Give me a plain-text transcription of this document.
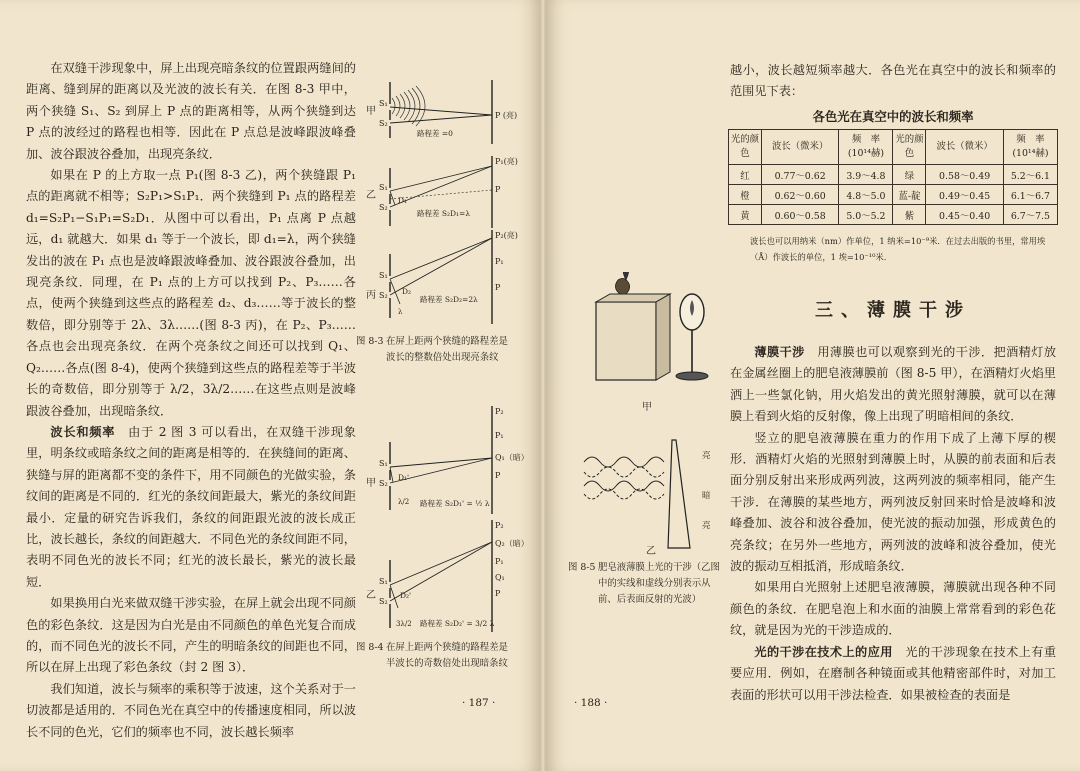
在双缝干涉现象中，屏上出现亮暗条纹的位置跟两缝间的距离、缝到屏的距离以及光波的波长有关．在图 8-3 甲中，两个狭缝 S₁、S₂ 到屏上 P 点的距离相等，从两个狭缝到达 P 点的波经过的路程也相等．因此在 P 点总是波峰跟波峰叠加、波谷跟波谷叠加，出现亮条纹．

如果在 P 的上方取一点 P₁(图 8-3 乙)，两个狭缝跟 P₁ 点的距离就不相等；S₂P₁>S₁P₁．两个狭缝到 P₁ 点的路程差 d₁=S₂P₁−S₁P₁=S₂D₁．从图中可以看出，P₁ 点离 P 点越远，d₁ 就越大．如果 d₁ 等于一个波长，即 d₁=λ，两个狭缝发出的波在 P₁ 点也是波峰跟波峰叠加、波谷跟波谷叠加，出现亮条纹．同理，在 P₁ 点的上方可以找到 P₂、P₃……各点，使两个狭缝到这些点的路程差 d₂、d₃……等于波长的整数倍，即分别等于 2λ、3λ……(图 8-3 丙)，在 P₂、P₃……各点也会出现亮条纹．在两个亮条纹之间还可以找到 Q₁、Q₂……各点(图 8-4)，使两个狭缝到这些点的路程差等于半波长的奇数倍，即分别等于 λ/2，3λ/2……在这些点则是波峰跟波谷叠加，出现暗条纹．

波长和频率　由于 2 图 3 可以看出，在双缝干涉现象里，明条纹或暗条纹之间的距离是相等的．在狭缝间的距离、狭缝与屏的距离都不变的条件下，用不同颜色的光做实验，条纹间的距离是不同的．红光的条纹间距最大，紫光的条纹间距最小．定量的研究告诉我们，条纹的间距跟光波的波长成正比，波长越长，条纹的间距越大．不同色光的条纹间距不同，表明不同色光的波长不同；红光的波长最长，紫光的波长最短．

如果换用白光来做双缝干涉实验，在屏上就会出现不同颜色的彩色条纹．这是因为白光是由不同颜色的单色光复合而成的，而不同色光的波长不同，产生的明暗条纹的间距也不同，所以在屏上出现了彩色条纹（封 2 图 3）．

我们知道，波长与频率的乘积等于波速，这个关系对于一切波都是适用的．不同色光在真空中的传播速度相同，所以波长不同的色光，它们的频率也不同，波长越长频率

甲
S₁
S₂
P (亮)
路程差 =0
乙
S₁
S₂
D₁
P₁(亮)
P
路程差 S₂D₁=λ
丙
S₁
S₂ D₂
λ
P₂(亮)
P₁
P
路程差 S₂D₂=2λ
图 8-3 在屏上距两个狭缝的路程差是波长的整数倍处出现亮条纹
甲
S₁
S₂
D₁'
λ/2
P₂
P₁
Q₁（暗）
P
路程差 S₂D₁' = ½ λ
乙
S₁
S₂
D₂'
3λ/2
P₂
Q₂（暗）
P₁
Q₁
P
路程差 S₂D₂' = 3/2 λ
图 8-4 在屏上距两个狭缝的路程差是半波长的奇数倍处出现暗条纹
· 187 ·

越小，波长越短频率越大．各色光在真空中的波长和频率的范围见下表：

各色光在真空中的波长和频率
光的颜色	波长（微米）	频　率 (10¹⁴赫)	光的颜色	波长（微米）	频　率 (10¹⁴赫)
红	0.77～0.62	3.9～4.8	绿	0.58～0.49	5.2～6.1
橙	0.62～0.60	4.8～5.0	蓝-靛	0.49～0.45	6.1～6.7
黄	0.60～0.58	5.0～5.2	紫	0.45～0.40	6.7～7.5
波长也可以用纳米（nm）作单位，1 纳米=10⁻⁹米．在过去出版的书里，常用埃（Å）作波长的单位，1 埃=10⁻¹⁰米．
三、薄膜干涉

薄膜干涉　用薄膜也可以观察到光的干涉．把酒精灯放在金属丝圈上的肥皂液薄膜前（图 8-5 甲），在酒精灯火焰里洒上一些氯化钠，用火焰发出的黄光照射薄膜，就可以在薄膜上看到火焰的反射像，像上出现了明暗相间的条纹．

竖立的肥皂液薄膜在重力的作用下成了上薄下厚的楔形．酒精灯火焰的光照射到薄膜上时，从膜的前表面和后表面分别反射出来形成两列波，这两列波的频率相同，能产生干涉．在薄膜的某些地方，两列波反射回来时恰是波峰和波峰叠加、波谷和波谷叠加，使光波的振动加强，形成黄色的亮条纹；在另外一些地方，两列波的波峰和波谷叠加，使光波的振动互相抵消，形成暗条纹．

如果用白光照射上述肥皂液薄膜，薄膜就出现各种不同颜色的条纹．在肥皂泡上和水面的油膜上常常看到的彩色花纹，就是因为光的干涉造成的．

光的干涉在技术上的应用　光的干涉现象在技术上有重要应用．例如，在磨制各种镜面或其他精密部件时，对加工表面的形状可以用干涉法检查．如果被检查的表面是

甲
亮
暗
亮
乙
图 8-5 肥皂液薄膜上光的干涉（乙图中的实线和虚线分别表示从前、后表面反射的光波）
· 188 ·
